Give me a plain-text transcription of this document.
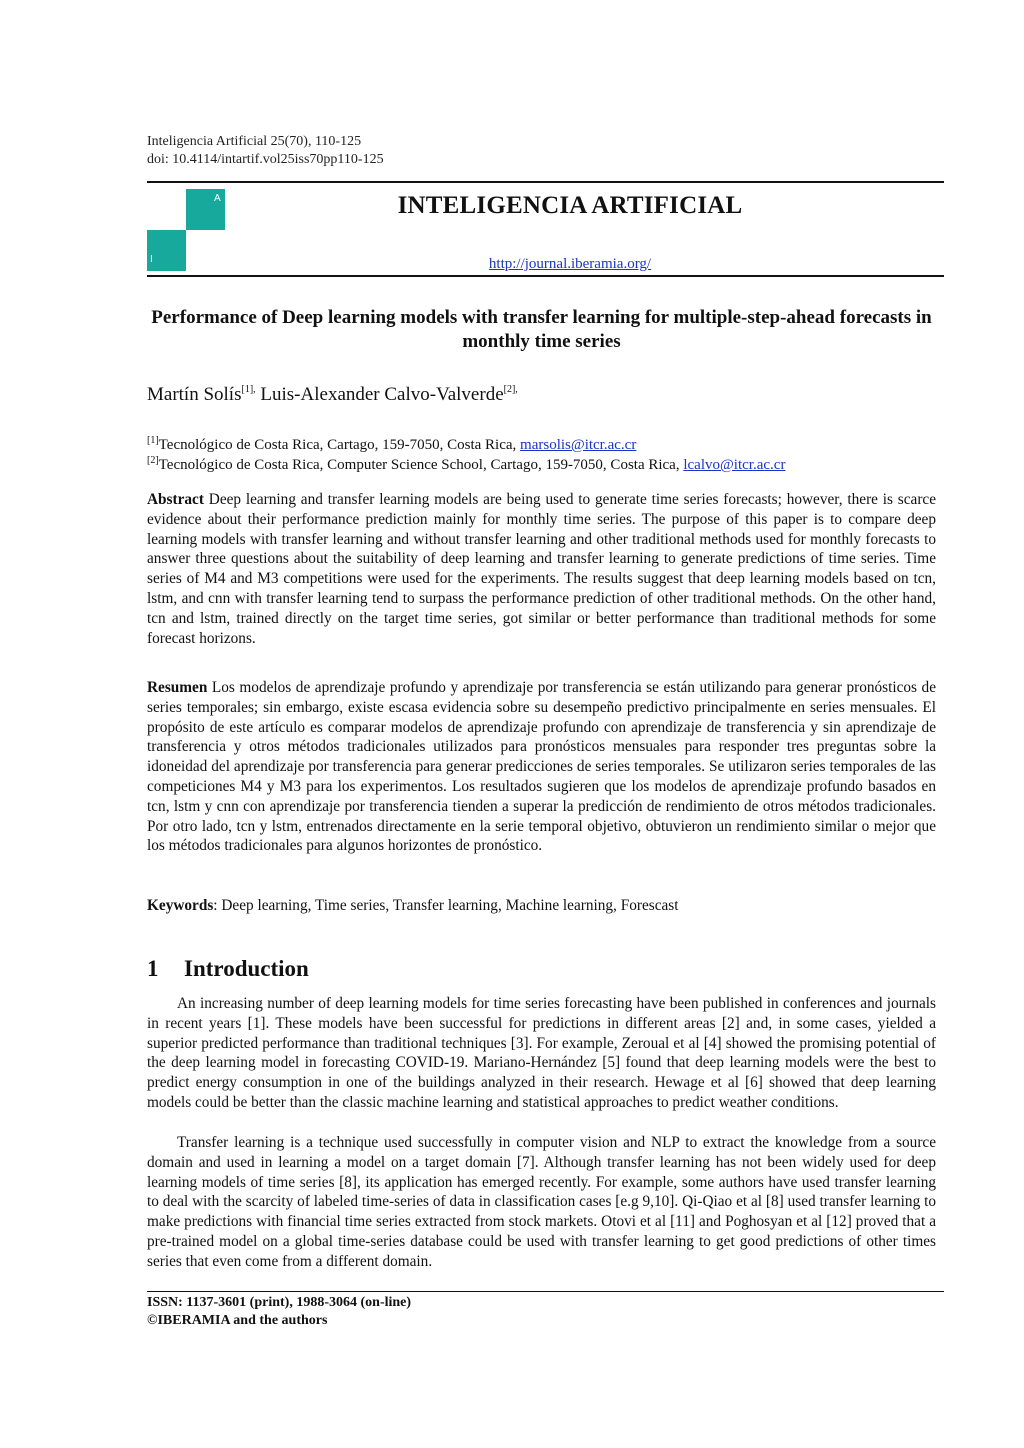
Inteligencia Artificial 25(70), 110-125
doi: 10.4114/intartif.vol25iss70pp110-125
A
I
INTELIGENCIA ARTIFICIAL
http://journal.iberamia.org/
Performance of Deep learning models with transfer learning for multiple-step-ahead forecasts in monthly time series
Martín Solís$^{[1],}$ Luis-Alexander Calvo-Valverde$^{[2],}$
[1]Tecnológico de Costa Rica, Cartago, 159-7050, Costa Rica, marsolis@itcr.ac.cr
[2]Tecnológico de Costa Rica, Computer Science School, Cartago, 159-7050, Costa Rica, lcalvo@itcr.ac.cr
Abstract Deep learning and transfer learning models are being used to generate time series forecasts; however, there is scarce evidence about their performance prediction mainly for monthly time series. The purpose of this paper is to compare deep learning models with transfer learning and without transfer learning and other traditional methods used for monthly forecasts to answer three questions about the suitability of deep learning and transfer learning to generate predictions of time series. Time series of M4 and M3 competitions were used for the experiments. The results suggest that deep learning models based on tcn, lstm, and cnn with transfer learning tend to surpass the performance prediction of other traditional methods. On the other hand, tcn and lstm, trained directly on the target time series, got similar or better performance than traditional methods for some forecast horizons.
Resumen Los modelos de aprendizaje profundo y aprendizaje por transferencia se están utilizando para generar pronósticos de series temporales; sin embargo, existe escasa evidencia sobre su desempeño predictivo principalmente en series mensuales. El propósito de este artículo es comparar modelos de aprendizaje profundo con aprendizaje de transferencia y sin aprendizaje de transferencia y otros métodos tradicionales utilizados para pronósticos mensuales para responder tres preguntas sobre la idoneidad del aprendizaje por transferencia para generar predicciones de series temporales. Se utilizaron series temporales de las competiciones M4 y M3 para los experimentos. Los resultados sugieren que los modelos de aprendizaje profundo basados en tcn, lstm y cnn con aprendizaje por transferencia tienden a superar la predicción de rendimiento de otros métodos tradicionales. Por otro lado, tcn y lstm, entrenados directamente en la serie temporal objetivo, obtuvieron un rendimiento similar o mejor que los métodos tradicionales para algunos horizontes de pronóstico.
Keywords: Deep learning, Time series, Transfer learning, Machine learning, Forescast
1 Introduction
An increasing number of deep learning models for time series forecasting have been published in conferences and journals in recent years [1]. These models have been successful for predictions in different areas [2] and, in some cases, yielded a superior predicted performance than traditional techniques [3]. For example, Zeroual et al [4] showed the promising potential of the deep learning model in forecasting COVID-19. Mariano-Hernández [5] found that deep learning models were the best to predict energy consumption in one of the buildings analyzed in their research. Hewage et al [6] showed that deep learning models could be better than the classic machine learning and statistical approaches to predict weather conditions.
Transfer learning is a technique used successfully in computer vision and NLP to extract the knowledge from a source domain and used in learning a model on a target domain [7]. Although transfer learning has not been widely used for deep learning models of time series [8], its application has emerged recently. For example, some authors have used transfer learning to deal with the scarcity of labeled time-series of data in classification cases [e.g 9,10]. Qi-Qiao et al [8] used transfer learning to make predictions with financial time series extracted from stock markets. Otovi et al [11] and Poghosyan et al [12] proved that a pre-trained model on a global time-series database could be used with transfer learning to get good predictions of other times series that even come from a different domain.
ISSN: 1137-3601 (print), 1988-3064 (on-line)
©IBERAMIA and the authors
